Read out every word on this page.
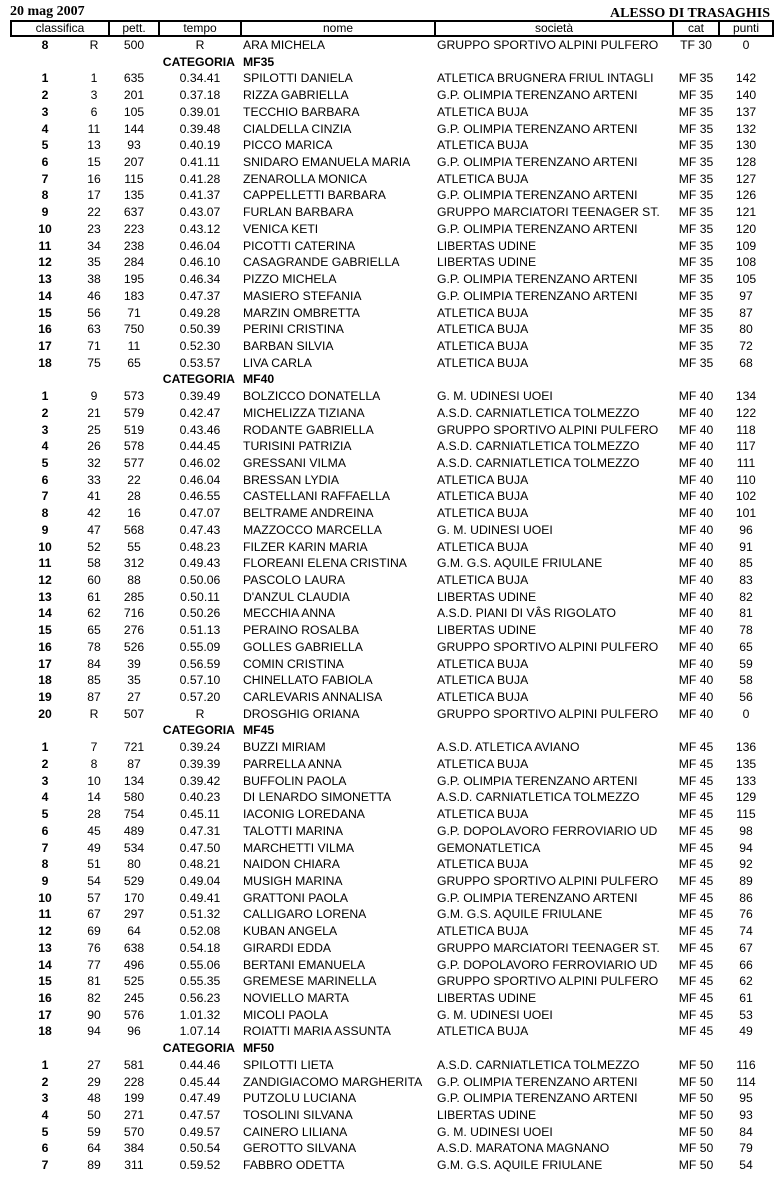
20 mag 2007	ALESSO DI TRASAGHIS
classifica		pett.	tempo	nome	società	cat	punti
8	R	500	R	ARA MICHELA	GRUPPO SPORTIVO ALPINI PULFERO	TF 30	0
CATEGORIA				MF35			
1	1	635	0.34.41	SPILOTTI DANIELA	ATLETICA BRUGNERA FRIUL INTAGLI	MF 35	142
2	3	201	0.37.18	RIZZA GABRIELLA	G.P. OLIMPIA TERENZANO ARTENI	MF 35	140
3	6	105	0.39.01	TECCHIO BARBARA	ATLETICA BUJA	MF 35	137
4	11	144	0.39.48	CIALDELLA CINZIA	G.P. OLIMPIA TERENZANO ARTENI	MF 35	132
5	13	93	0.40.19	PICCO MARICA	ATLETICA BUJA	MF 35	130
6	15	207	0.41.11	SNIDARO EMANUELA MARIA	G.P. OLIMPIA TERENZANO ARTENI	MF 35	128
7	16	115	0.41.28	ZENAROLLA MONICA	ATLETICA BUJA	MF 35	127
8	17	135	0.41.37	CAPPELLETTI BARBARA	G.P. OLIMPIA TERENZANO ARTENI	MF 35	126
9	22	637	0.43.07	FURLAN BARBARA	GRUPPO MARCIATORI TEENAGER ST.	MF 35	121
10	23	223	0.43.12	VENICA KETI	G.P. OLIMPIA TERENZANO ARTENI	MF 35	120
11	34	238	0.46.04	PICOTTI CATERINA	LIBERTAS UDINE	MF 35	109
12	35	284	0.46.10	CASAGRANDE GABRIELLA	LIBERTAS UDINE	MF 35	108
13	38	195	0.46.34	PIZZO MICHELA	G.P. OLIMPIA TERENZANO ARTENI	MF 35	105
14	46	183	0.47.37	MASIERO STEFANIA	G.P. OLIMPIA TERENZANO ARTENI	MF 35	97
15	56	71	0.49.28	MARZIN OMBRETTA	ATLETICA BUJA	MF 35	87
16	63	750	0.50.39	PERINI CRISTINA	ATLETICA BUJA	MF 35	80
17	71	11	0.52.30	BARBAN SILVIA	ATLETICA BUJA	MF 35	72
18	75	65	0.53.57	LIVA CARLA	ATLETICA BUJA	MF 35	68
CATEGORIA				MF40			
1	9	573	0.39.49	BOLZICCO DONATELLA	G. M. UDINESI UOEI	MF 40	134
2	21	579	0.42.47	MICHELIZZA TIZIANA	A.S.D. CARNIATLETICA TOLMEZZO	MF 40	122
3	25	519	0.43.46	RODANTE GABRIELLA	GRUPPO SPORTIVO ALPINI PULFERO	MF 40	118
4	26	578	0.44.45	TURISINI PATRIZIA	A.S.D. CARNIATLETICA TOLMEZZO	MF 40	117
5	32	577	0.46.02	GRESSANI VILMA	A.S.D. CARNIATLETICA TOLMEZZO	MF 40	111
6	33	22	0.46.04	BRESSAN LYDIA	ATLETICA BUJA	MF 40	110
7	41	28	0.46.55	CASTELLANI RAFFAELLA	ATLETICA BUJA	MF 40	102
8	42	16	0.47.07	BELTRAME ANDREINA	ATLETICA BUJA	MF 40	101
9	47	568	0.47.43	MAZZOCCO MARCELLA	G. M. UDINESI UOEI	MF 40	96
10	52	55	0.48.23	FILZER KARIN MARIA	ATLETICA BUJA	MF 40	91
11	58	312	0.49.43	FLOREANI ELENA CRISTINA	G.M. G.S. AQUILE FRIULANE	MF 40	85
12	60	88	0.50.06	PASCOLO LAURA	ATLETICA BUJA	MF 40	83
13	61	285	0.50.11	D'ANZUL CLAUDIA	LIBERTAS UDINE	MF 40	82
14	62	716	0.50.26	MECCHIA ANNA	A.S.D. PIANI DI VÂS RIGOLATO	MF 40	81
15	65	276	0.51.13	PERAINO ROSALBA	LIBERTAS UDINE	MF 40	78
16	78	526	0.55.09	GOLLES GABRIELLA	GRUPPO SPORTIVO ALPINI PULFERO	MF 40	65
17	84	39	0.56.59	COMIN CRISTINA	ATLETICA BUJA	MF 40	59
18	85	35	0.57.10	CHINELLATO FABIOLA	ATLETICA BUJA	MF 40	58
19	87	27	0.57.20	CARLEVARIS ANNALISA	ATLETICA BUJA	MF 40	56
20	R	507	R	DROSGHIG ORIANA	GRUPPO SPORTIVO ALPINI PULFERO	MF 40	0
CATEGORIA				MF45			
1	7	721	0.39.24	BUZZI MIRIAM	A.S.D. ATLETICA AVIANO	MF 45	136
2	8	87	0.39.39	PARRELLA ANNA	ATLETICA BUJA	MF 45	135
3	10	134	0.39.42	BUFFOLIN PAOLA	G.P. OLIMPIA TERENZANO ARTENI	MF 45	133
4	14	580	0.40.23	DI LENARDO SIMONETTA	A.S.D. CARNIATLETICA TOLMEZZO	MF 45	129
5	28	754	0.45.11	IACONIG LOREDANA	ATLETICA BUJA	MF 45	115
6	45	489	0.47.31	TALOTTI MARINA	G.P. DOPOLAVORO FERROVIARIO UD	MF 45	98
7	49	534	0.47.50	MARCHETTI VILMA	GEMONATLETICA	MF 45	94
8	51	80	0.48.21	NAIDON CHIARA	ATLETICA BUJA	MF 45	92
9	54	529	0.49.04	MUSIGH MARINA	GRUPPO SPORTIVO ALPINI PULFERO	MF 45	89
10	57	170	0.49.41	GRATTONI PAOLA	G.P. OLIMPIA TERENZANO ARTENI	MF 45	86
11	67	297	0.51.32	CALLIGARO LORENA	G.M. G.S. AQUILE FRIULANE	MF 45	76
12	69	64	0.52.08	KUBAN ANGELA	ATLETICA BUJA	MF 45	74
13	76	638	0.54.18	GIRARDI EDDA	GRUPPO MARCIATORI TEENAGER ST.	MF 45	67
14	77	496	0.55.06	BERTANI EMANUELA	G.P. DOPOLAVORO FERROVIARIO UD	MF 45	66
15	81	525	0.55.35	GREMESE MARINELLA	GRUPPO SPORTIVO ALPINI PULFERO	MF 45	62
16	82	245	0.56.23	NOVIELLO MARTA	LIBERTAS UDINE	MF 45	61
17	90	576	1.01.32	MICOLI PAOLA	G. M. UDINESI UOEI	MF 45	53
18	94	96	1.07.14	ROIATTI MARIA ASSUNTA	ATLETICA BUJA	MF 45	49
CATEGORIA				MF50			
1	27	581	0.44.46	SPILOTTI LIETA	A.S.D. CARNIATLETICA TOLMEZZO	MF 50	116
2	29	228	0.45.44	ZANDIGIACOMO MARGHERITA	G.P. OLIMPIA TERENZANO ARTENI	MF 50	114
3	48	199	0.47.49	PUTZOLU LUCIANA	G.P. OLIMPIA TERENZANO ARTENI	MF 50	95
4	50	271	0.47.57	TOSOLINI SILVANA	LIBERTAS UDINE	MF 50	93
5	59	570	0.49.57	CAINERO LILIANA	G. M. UDINESI UOEI	MF 50	84
6	64	384	0.50.54	GEROTTO SILVANA	A.S.D. MARATONA MAGNANO	MF 50	79
7	89	311	0.59.52	FABBRO ODETTA	G.M. G.S. AQUILE FRIULANE	MF 50	54
